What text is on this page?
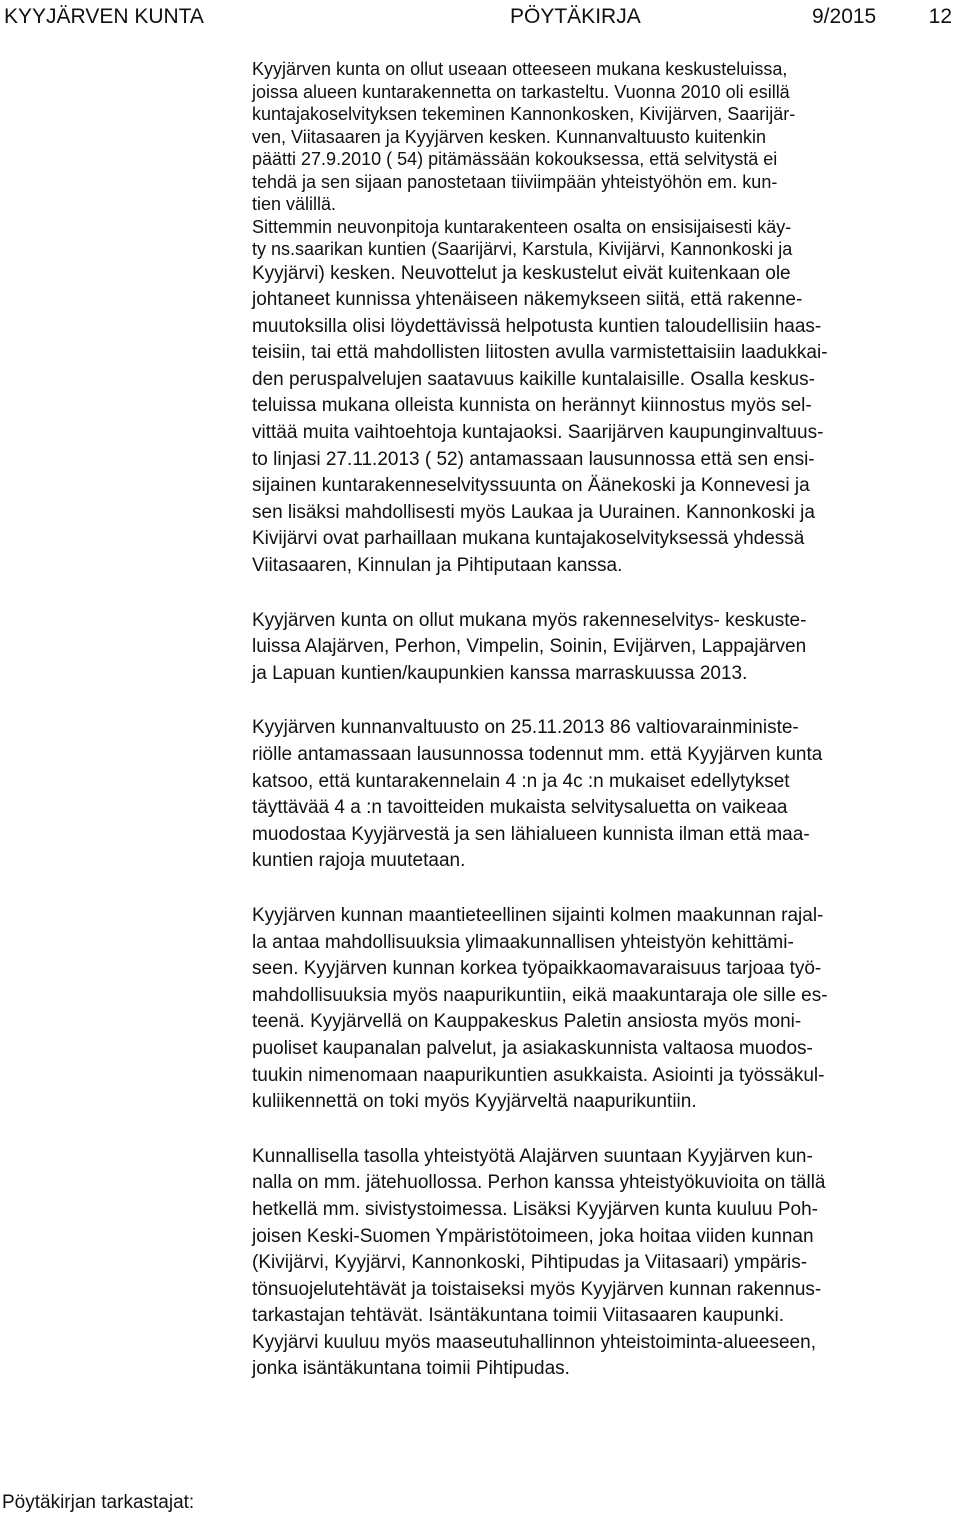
KYYJÄRVEN KUNTA	PÖYTÄKIRJA	9/2015 12
Kyyjärven kunta on ollut useaan otteeseen mukana keskusteluissa,
joissa alueen kuntarakennetta on tarkasteltu. Vuonna 2010 oli esillä
kuntajakoselvityksen tekeminen Kannonkosken, Kivijärven, Saarijär-
ven, Viitasaaren ja Kyyjärven kesken. Kunnanvaltuusto kuitenkin
päätti 27.9.2010 ( 54) pitämässään kokouksessa, että selvitystä ei
tehdä ja sen sijaan panostetaan tiiviimpään yhteistyöhön em. kun-
tien välillä.
Sittemmin neuvonpitoja kuntarakenteen osalta on ensisijaisesti käy-
ty ns.saarikan kuntien (Saarijärvi, Karstula, Kivijärvi, Kannonkoski ja
Kyyjärvi) kesken. Neuvottelut ja keskustelut eivät kuitenkaan ole
johtaneet kunnissa yhtenäiseen näkemykseen siitä, että rakenne-
muutoksilla olisi löydettävissä helpotusta kuntien taloudellisiin haas-
teisiin, tai että mahdollisten liitosten avulla varmistettaisiin laadukkai-
den peruspalvelujen saatavuus kaikille kuntalaisille. Osalla keskus-
teluissa mukana olleista kunnista on herännyt kiinnostus myös sel-
vittää muita vaihtoehtoja kuntajaoksi. Saarijärven kaupunginvaltuus-
to linjasi 27.11.2013 ( 52) antamassaan lausunnossa että sen ensi-
sijainen kuntarakenneselvityssuunta on Äänekoski ja Konnevesi ja
sen lisäksi mahdollisesti myös Laukaa ja Uurainen. Kannonkoski ja
Kivijärvi ovat parhaillaan mukana kuntajakoselvityksessä yhdessä
Viitasaaren, Kinnulan ja Pihtiputaan kanssa.
Kyyjärven kunta on ollut mukana myös rakenneselvitys- keskuste-
luissa Alajärven, Perhon, Vimpelin, Soinin, Evijärven, Lappajärven
ja Lapuan kuntien/kaupunkien kanssa marraskuussa 2013.
Kyyjärven kunnanvaltuusto on 25.11.2013 86 valtiovarainministe-
riölle antamassaan lausunnossa todennut mm. että Kyyjärven kunta
katsoo, että kuntarakennelain 4 :n ja 4c :n mukaiset edellytykset
täyttävää 4 a :n tavoitteiden mukaista selvitysaluetta on vaikeaa
muodostaa Kyyjärvestä ja sen lähialueen kunnista ilman että maa-
kuntien rajoja muutetaan.
Kyyjärven kunnan maantieteellinen sijainti kolmen maakunnan rajal-
la antaa mahdollisuuksia ylimaakunnallisen yhteistyön kehittämi-
seen. Kyyjärven kunnan korkea työpaikkaomavaraisuus tarjoaa työ-
mahdollisuuksia myös naapurikuntiin, eikä maakuntaraja ole sille es-
teenä. Kyyjärvellä on Kauppakeskus Paletin ansiosta myös moni-
puoliset kaupanalan palvelut, ja asiakaskunnista valtaosa muodos-
tuukin nimenomaan naapurikuntien asukkaista. Asiointi ja työssäkul-
kuliikennettä on toki myös Kyyjärveltä naapurikuntiin.
Kunnallisella tasolla yhteistyötä Alajärven suuntaan Kyyjärven kun-
nalla on mm. jätehuollossa. Perhon kanssa yhteistyökuvioita on tällä
hetkellä mm. sivistystoimessa. Lisäksi Kyyjärven kunta kuuluu Poh-
joisen Keski-Suomen Ympäristötoimeen, joka hoitaa viiden kunnan
(Kivijärvi, Kyyjärvi, Kannonkoski, Pihtipudas ja Viitasaari) ympäris-
tönsuojelutehtävät ja toistaiseksi myös Kyyjärven kunnan rakennus-
tarkastajan tehtävät. Isäntäkuntana toimii Viitasaaren kaupunki.
Kyyjärvi kuuluu myös maaseutuhallinnon yhteistoiminta-alueeseen,
jonka isäntäkuntana toimii Pihtipudas.
Pöytäkirjan tarkastajat:
